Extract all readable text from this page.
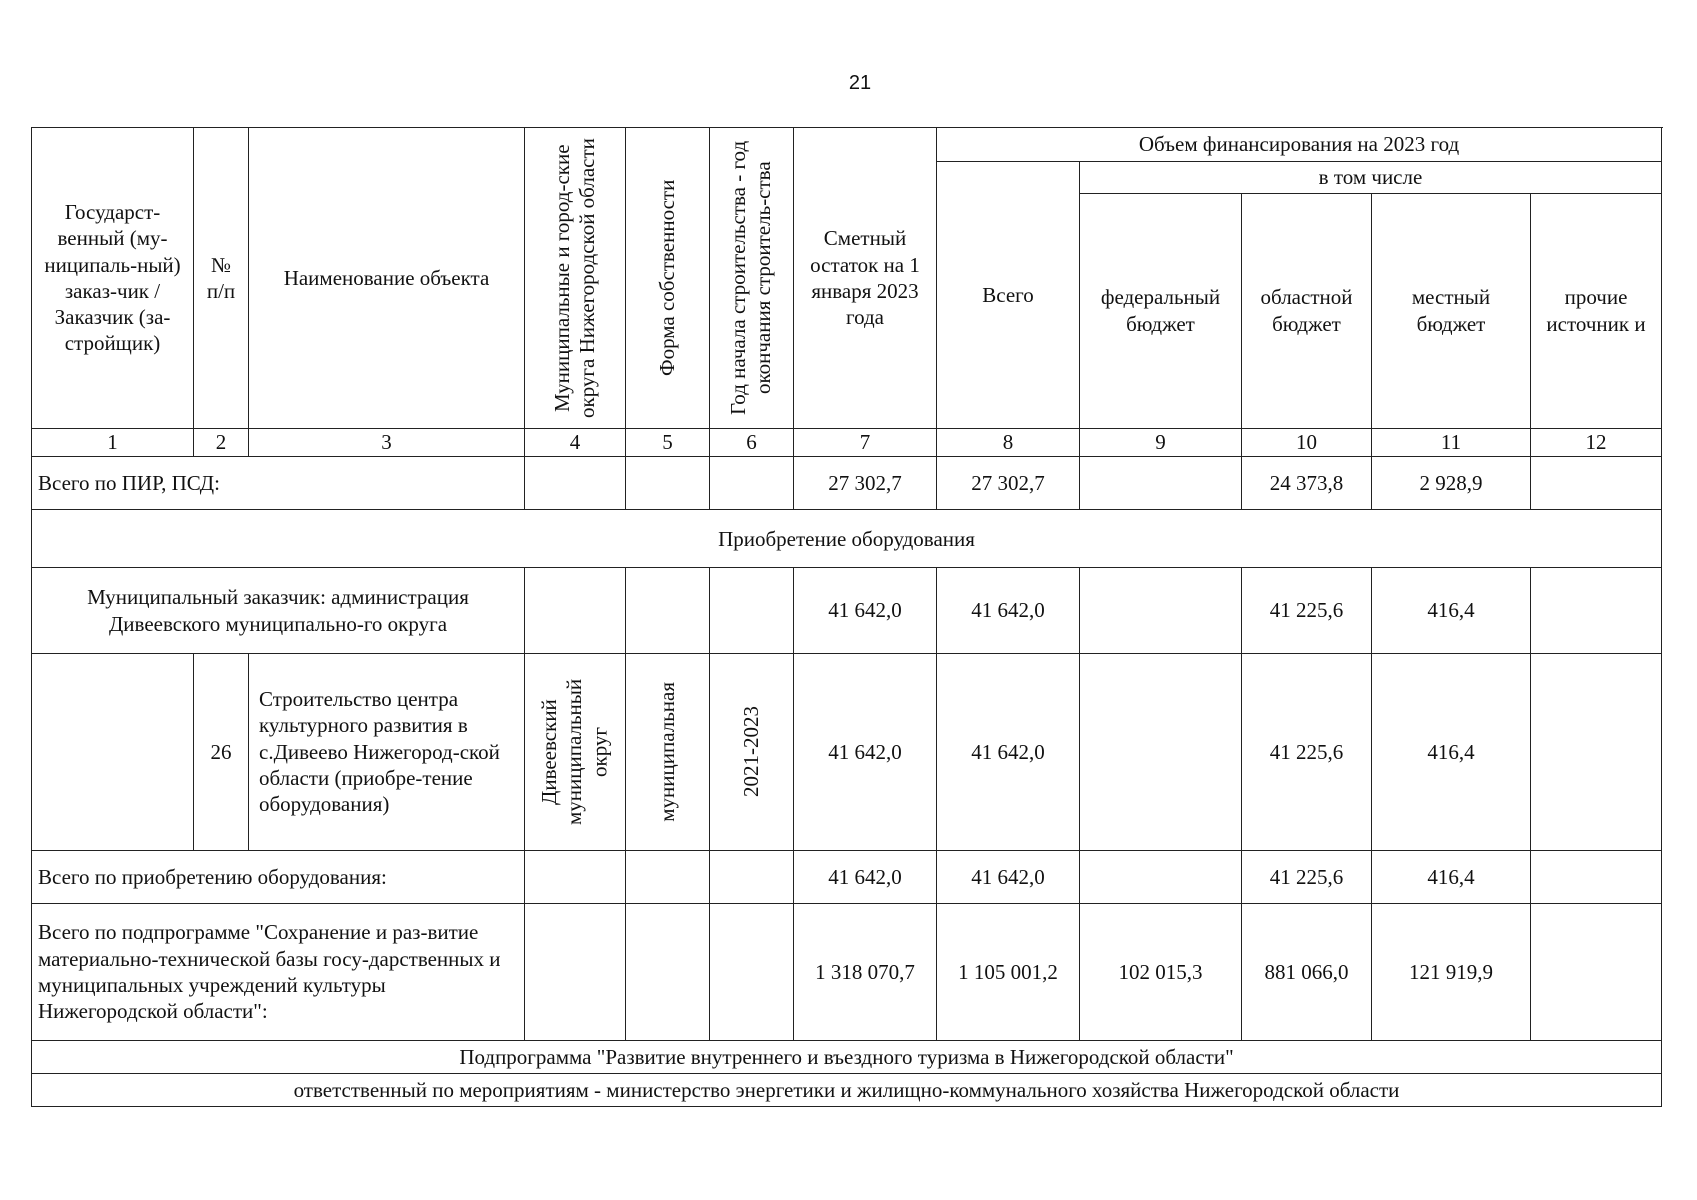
21
Государст-венный (му-ниципаль-ный) заказ-чик / Заказчик (за-стройщик)	№ п/п	Наименование объекта	Муниципальные и город-ские округа Нижегородской области	Форма собственности	Год начала строительства - год окончания строитель-ства	Сметный остаток на 1 января 2023 года	Объем финансирования на 2023 год				
							Всего	в том числе			
								федеральный бюджет	областной бюджет	местный бюджет	прочие источник и
1	2	3	4	5	6	7	8	9	10	11	12
Всего по ПИР, ПСД:						27 302,7	27 302,7		24 373,8	2 928,9	
Приобретение оборудования											
Муниципальный заказчик: администрация Дивеевского муниципально-го округа						41 642,0	41 642,0		41 225,6	416,4	
	26	Строительство центра культурного развития в с.Дивеево Нижегород-ской области (приобре-тение оборудования)	Дивеевский муниципальный округ	муниципальная	2021-2023	41 642,0	41 642,0		41 225,6	416,4	
Всего по приобретению оборудования:						41 642,0	41 642,0		41 225,6	416,4	
Всего по подпрограмме "Сохранение и раз-витие материально-технической базы госу-дарственных и муниципальных учреждений культуры Нижегородской области":						1 318 070,7	1 105 001,2	102 015,3	881 066,0	121 919,9	
Подпрограмма "Развитие внутреннего и въездного туризма в Нижегородской области"											
ответственный по мероприятиям - министерство энергетики и жилищно-коммунального хозяйства Нижегородской области											
